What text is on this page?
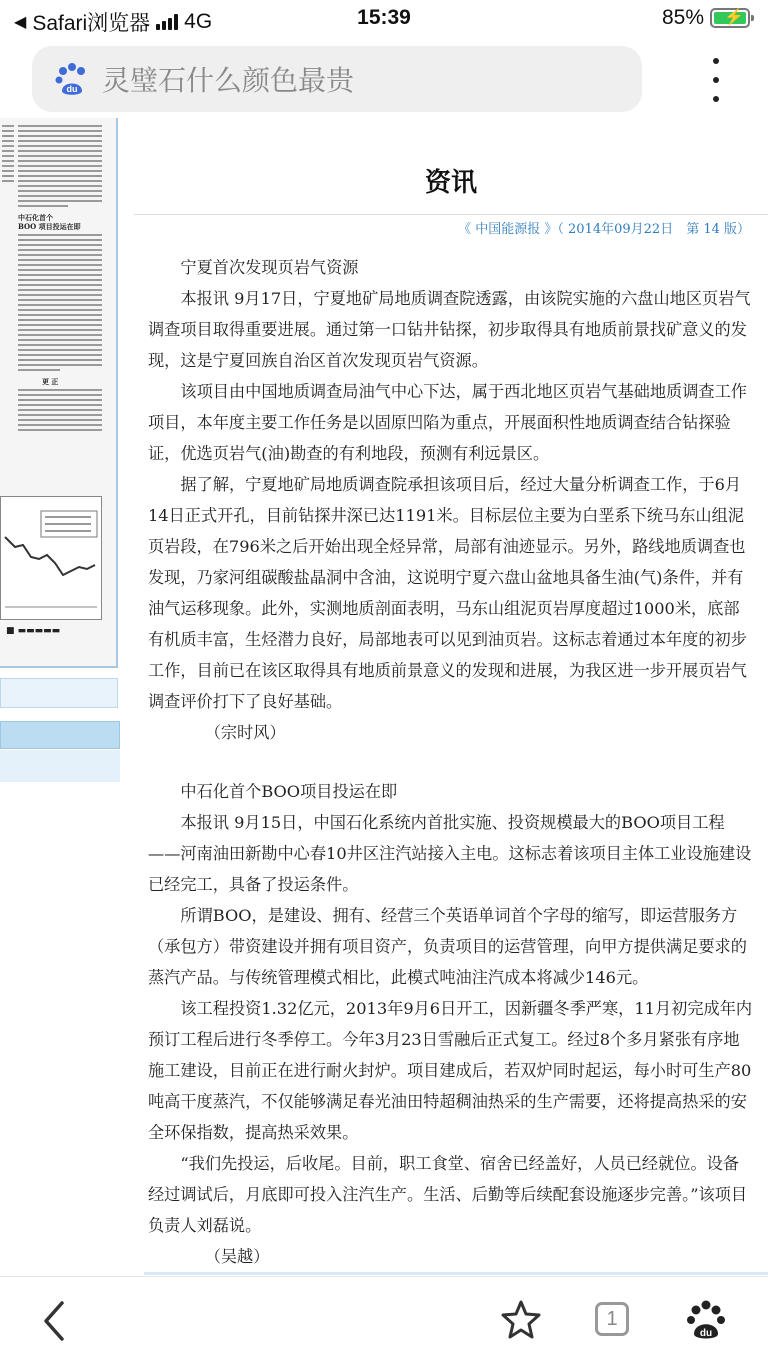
◀ Safari浏览器 4G	15:39	85% ⚡
du 灵璧石什么颜色最贵
中石化首个
BOO 项目投运在即
更 正
■ ▬▬▬▬▬
资讯
《 中国能源报 》（ 2014年09月22日　第 14 版）

宁夏首次发现页岩气资源

本报讯 9月17日，宁夏地矿局地质调查院透露，由该院实施的六盘山地区页岩气调查项目取得重要进展。通过第一口钻井钻探，初步取得具有地质前景找矿意义的发现，这是宁夏回族自治区首次发现页岩气资源。

该项目由中国地质调查局油气中心下达，属于西北地区页岩气基础地质调查工作项目，本年度主要工作任务是以固原凹陷为重点，开展面积性地质调查结合钻探验证，优选页岩气(油)勘查的有利地段，预测有利远景区。

据了解，宁夏地矿局地质调查院承担该项目后，经过大量分析调查工作，于6月14日正式开孔，目前钻探井深已达1191米。目标层位主要为白垩系下统马东山组泥页岩段，在796米之后开始出现全烃异常，局部有油迹显示。另外，路线地质调查也发现，乃家河组碳酸盐晶洞中含油，这说明宁夏六盘山盆地具备生油(气)条件，并有油气运移现象。此外，实测地质剖面表明，马东山组泥页岩厚度超过1000米，底部有机质丰富，生烃潜力良好，局部地表可以见到油页岩。这标志着通过本年度的初步工作，目前已在该区取得具有地质前景意义的发现和进展，为我区进一步开展页岩气调查评价打下了良好基础。

（宗时风）

中石化首个BOO项目投运在即

本报讯 9月15日，中国石化系统内首批实施、投资规模最大的BOO项目工程——河南油田新勘中心春10井区注汽站接入主电。这标志着该项目主体工业设施建设已经完工，具备了投运条件。

所谓BOO，是建设、拥有、经营三个英语单词首个字母的缩写，即运营服务方（承包方）带资建设并拥有项目资产，负责项目的运营管理，向甲方提供满足要求的蒸汽产品。与传统管理模式相比，此模式吨油注汽成本将减少146元。

该工程投资1.32亿元，2013年9月6日开工，因新疆冬季严寒，11月初完成年内预订工程后进行冬季停工。今年3月23日雪融后正式复工。经过8个多月紧张有序地施工建设，目前正在进行耐火封炉。项目建成后，若双炉同时起运，每小时可生产80吨高干度蒸汽，不仅能够满足春光油田特超稠油热采的生产需要，还将提高热采的安全环保指数，提高热采效果。

“我们先投运，后收尾。目前，职工食堂、宿舍已经盖好，人员已经就位。设备经过调试后，月底即可投入注汽生产。生活、后勤等后续配套设施逐步完善。”该项目负责人刘磊说。

（吴越）

1
du
